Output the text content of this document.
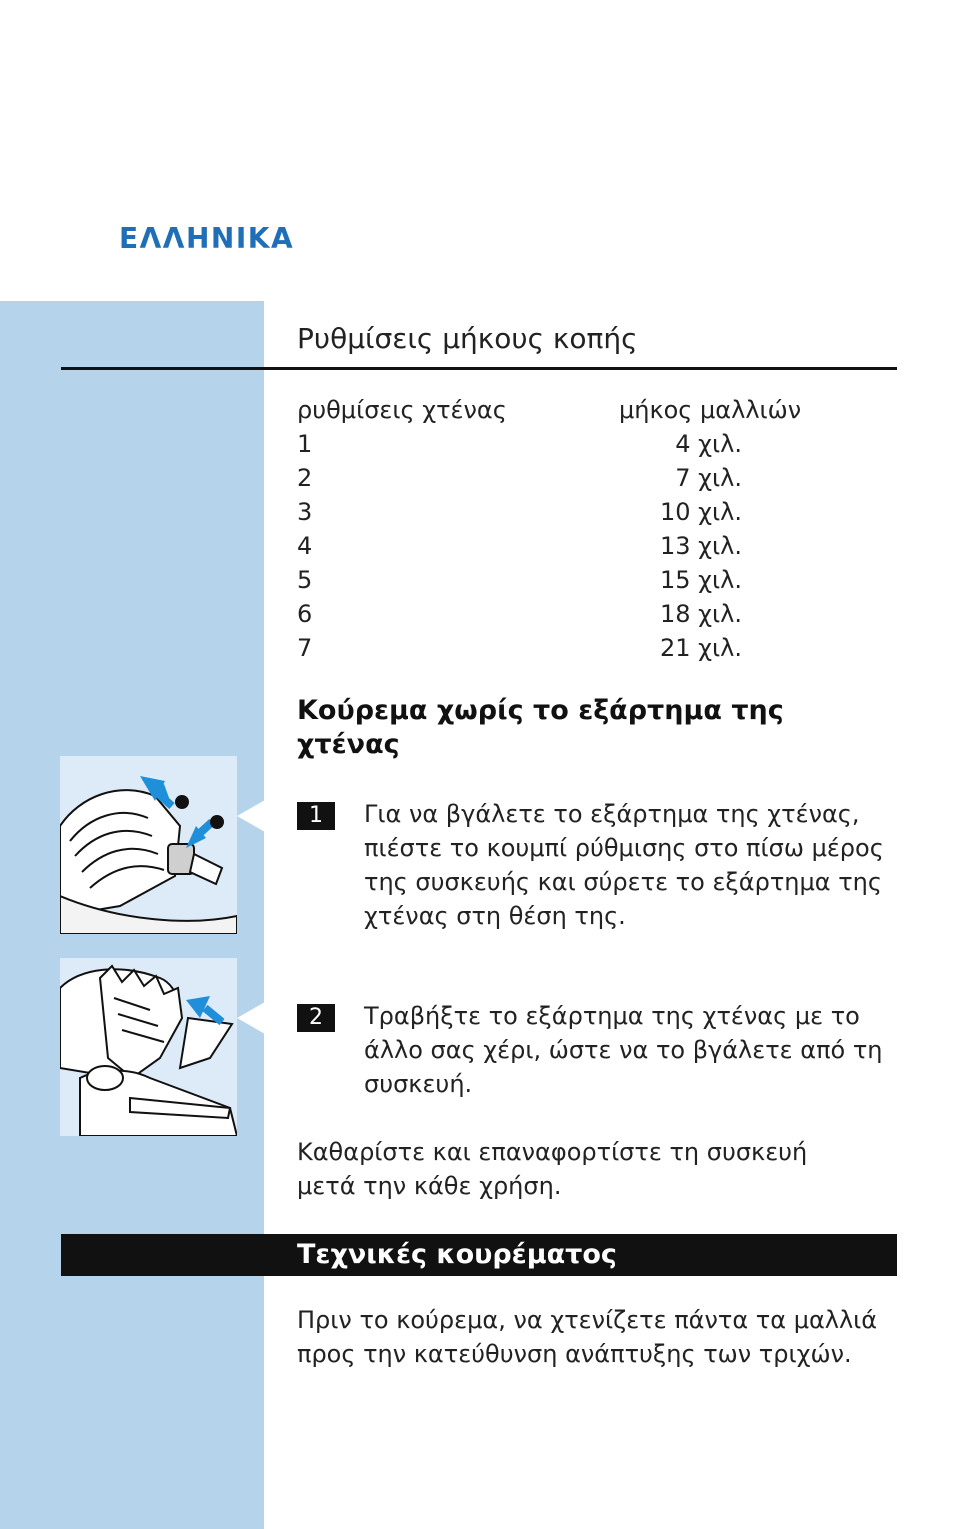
ΕΛΛΗΝΙΚΑ
Ρυθμίσεις μήκους κοπής
ρυθμίσεις χτένας	μήκος μαλλιών
1	4 χιλ.
2	7 χιλ.
3	10 χιλ.
4	13 χιλ.
5	15 χιλ.
6	18 χιλ.
7	21 χιλ.
Κούρεμα χωρίς το εξάρτημα της χτένας
1	Για να βγάλετε το εξάρτημα της χτένας, πιέστε το κουμπί ρύθμισης στο πίσω μέρος της συσκευής και σύρετε το εξάρτημα της χτένας στη θέση της.
2	Τραβήξτε το εξάρτημα της χτένας με το άλλο σας χέρι, ώστε να το βγάλετε από τη συσκευή.
Καθαρίστε και επαναφορτίστε τη συσκευή μετά την κάθε χρήση.
Τεχνικές κουρέματος
Πριν το κούρεμα, να χτενίζετε πάντα τα μαλλιά προς την κατεύθυνση ανάπτυξης των τριχών.
